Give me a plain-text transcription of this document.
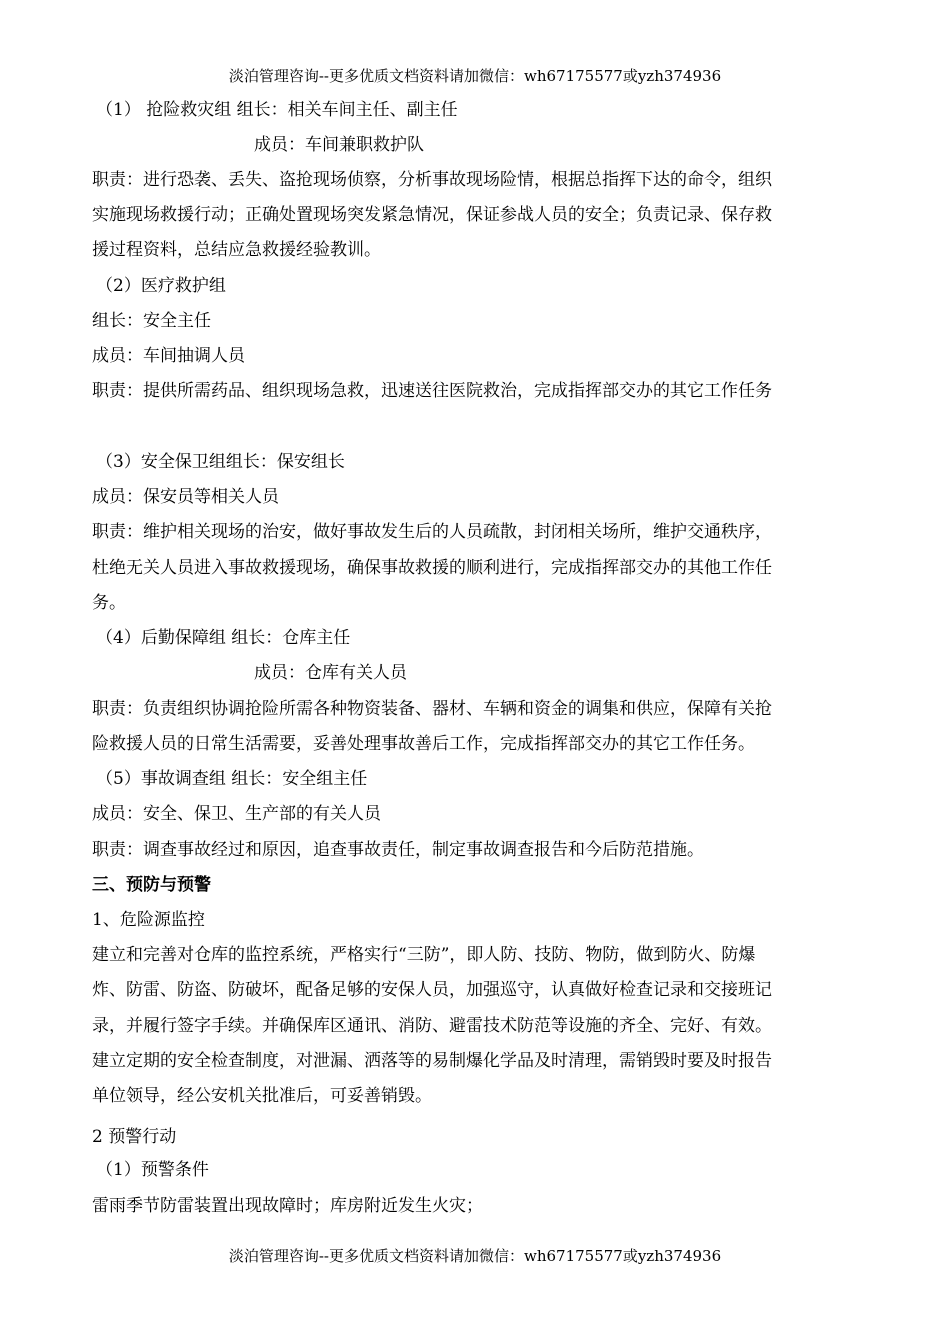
淡泊管理咨询--更多优质文档资料请加微信：wh67175577或yzh374936
（1） 抢险救灾组 组长：相关车间主任、副主任
成员：车间兼职救护队
职责：进行恐袭、丢失、盗抢现场侦察，分析事故现场险情，根据总指挥下达的命令，组织
实施现场救援行动；正确处置现场突发紧急情况，保证参战人员的安全；负责记录、保存救
援过程资料，总结应急救援经验教训。
（2）医疗救护组
组长：安全主任
成员：车间抽调人员
职责：提供所需药品、组织现场急救，迅速送往医院救治，完成指挥部交办的其它工作任务
（3）安全保卫组组长：保安组长
成员：保安员等相关人员
职责：维护相关现场的治安，做好事故发生后的人员疏散，封闭相关场所，维护交通秩序，
杜绝无关人员进入事故救援现场，确保事故救援的顺利进行，完成指挥部交办的其他工作任
务。
（4）后勤保障组 组长：仓库主任
成员：仓库有关人员
职责：负责组织协调抢险所需各种物资装备、器材、车辆和资金的调集和供应，保障有关抢
险救援人员的日常生活需要，妥善处理事故善后工作，完成指挥部交办的其它工作任务。
（5）事故调查组 组长：安全组主任
成员：安全、保卫、生产部的有关人员
职责：调查事故经过和原因，追查事故责任，制定事故调查报告和今后防范措施。
三、预防与预警
1、危险源监控
建立和完善对仓库的监控系统，严格实行“三防”，即人防、技防、物防，做到防火、防爆
炸、防雷、防盗、防破坏，配备足够的安保人员，加强巡守，认真做好检查记录和交接班记
录，并履行签字手续。并确保库区通讯、消防、避雷技术防范等设施的齐全、完好、有效。
建立定期的安全检查制度，对泄漏、洒落等的易制爆化学品及时清理，需销毁时要及时报告
单位领导，经公安机关批准后，可妥善销毁。
2 预警行动
（1）预警条件
雷雨季节防雷装置出现故障时；库房附近发生火灾；
淡泊管理咨询--更多优质文档资料请加微信：wh67175577或yzh374936
